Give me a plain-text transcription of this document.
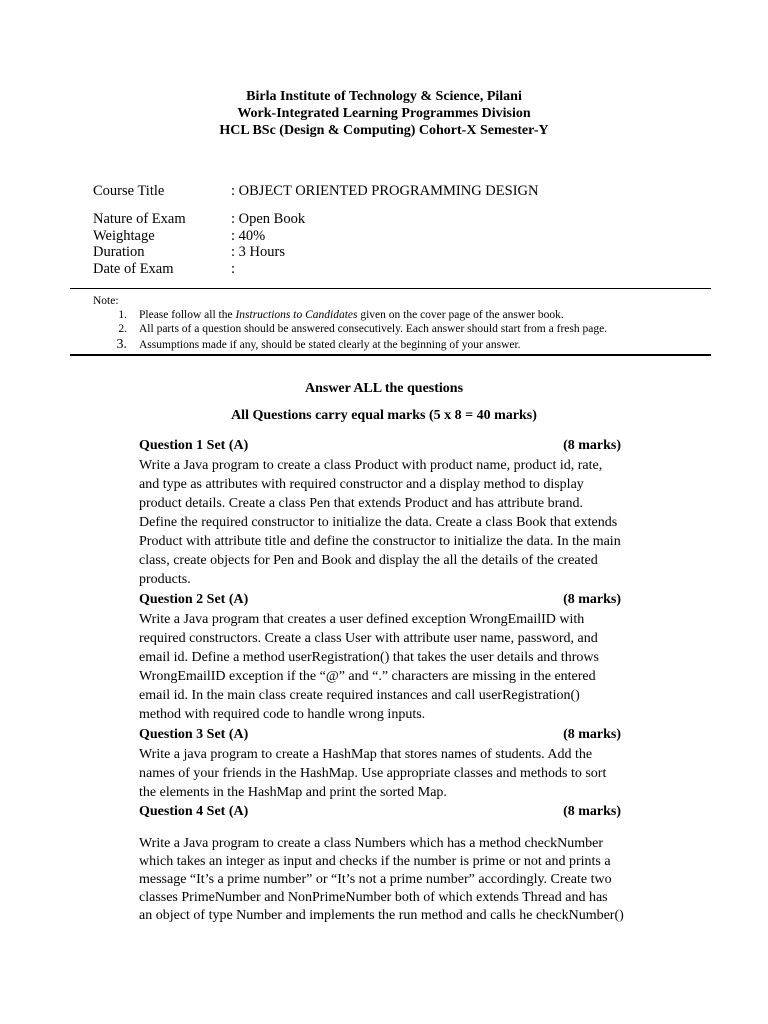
Birla Institute of Technology & Science, Pilani
Work-Integrated Learning Programmes Division
HCL BSc (Design & Computing) Cohort-X Semester-Y
Course Title	: OBJECT ORIENTED PROGRAMMING DESIGN
Nature of Exam	: Open Book
Weightage	: 40%
Duration	: 3 Hours
Date of Exam	:
Note:
1. Please follow all the Instructions to Candidates given on the cover page of the answer book.
2. All parts of a question should be answered consecutively. Each answer should start from a fresh page.
3. Assumptions made if any, should be stated clearly at the beginning of your answer.
Answer ALL the questions
All Questions carry equal marks (5 x 8 = 40 marks)
Question 1 Set (A)	(8 marks)
Write a Java program to create a class Product with product name, product id, rate,
and type as attributes with required constructor and a display method to display
product details. Create a class Pen that extends Product and has attribute brand.
Define the required constructor to initialize the data. Create a class Book that extends
Product with attribute title and define the constructor to initialize the data. In the main
class, create objects for Pen and Book and display the all the details of the created
products.
Question 2 Set (A)	(8 marks)
Write a Java program that creates a user defined exception WrongEmailID with
required constructors. Create a class User with attribute user name, password, and
email id. Define a method userRegistration() that takes the user details and throws
WrongEmailID exception if the “@” and “.” characters are missing in the entered
email id. In the main class create required instances and call userRegistration()
method with required code to handle wrong inputs.
Question 3 Set (A)	(8 marks)
Write a java program to create a HashMap that stores names of students. Add the
names of your friends in the HashMap. Use appropriate classes and methods to sort
the elements in the HashMap and print the sorted Map.
Question 4 Set (A)	(8 marks)
Write a Java program to create a class Numbers which has a method checkNumber
which takes an integer as input and checks if the number is prime or not and prints a
message “It’s a prime number” or “It’s not a prime number” accordingly. Create two
classes PrimeNumber and NonPrimeNumber both of which extends Thread and has
an object of type Number and implements the run method and calls he checkNumber()
